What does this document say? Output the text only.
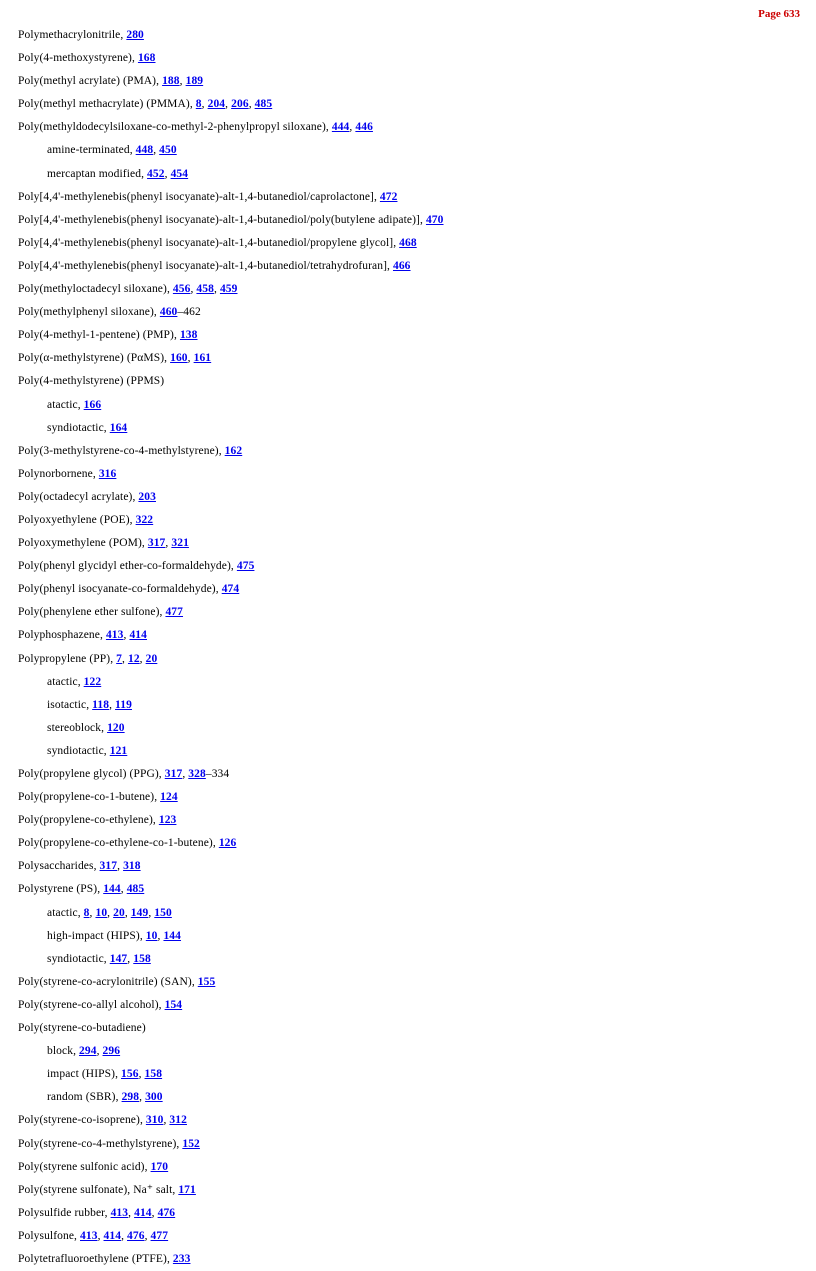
Page 633
Polymethacrylonitrile, 280
Poly(4-methoxystyrene), 168
Poly(methyl acrylate) (PMA), 188, 189
Poly(methyl methacrylate) (PMMA), 8, 204, 206, 485
Poly(methyldodecylsiloxane-co-methyl-2-phenylpropyl siloxane), 444, 446
amine-terminated, 448, 450
mercaptan modified, 452, 454
Poly[4,4'-methylenebis(phenyl isocyanate)-alt-1,4-butanediol/caprolactone], 472
Poly[4,4'-methylenebis(phenyl isocyanate)-alt-1,4-butanediol/poly(butylene adipate)], 470
Poly[4,4'-methylenebis(phenyl isocyanate)-alt-1,4-butanediol/propylene glycol], 468
Poly[4,4'-methylenebis(phenyl isocyanate)-alt-1,4-butanediol/tetrahydrofuran], 466
Poly(methyloctadecyl siloxane), 456, 458, 459
Poly(methylphenyl siloxane), 460–462
Poly(4-methyl-1-pentene) (PMP), 138
Poly(α-methylstyrene) (PαMS), 160, 161
Poly(4-methylstyrene) (PPMS)
atactic, 166
syndiotactic, 164
Poly(3-methylstyrene-co-4-methylstyrene), 162
Polynorbornene, 316
Poly(octadecyl acrylate), 203
Polyoxyethylene (POE), 322
Polyoxymethylene (POM), 317, 321
Poly(phenyl glycidyl ether-co-formaldehyde), 475
Poly(phenyl isocyanate-co-formaldehyde), 474
Poly(phenylene ether sulfone), 477
Polyphosphazene, 413, 414
Polypropylene (PP), 7, 12, 20
atactic, 122
isotactic, 118, 119
stereoblock, 120
syndiotactic, 121
Poly(propylene glycol) (PPG), 317, 328–334
Poly(propylene-co-1-butene), 124
Poly(propylene-co-ethylene), 123
Poly(propylene-co-ethylene-co-1-butene), 126
Polysaccharides, 317, 318
Polystyrene (PS), 144, 485
atactic, 8, 10, 20, 149, 150
high-impact (HIPS), 10, 144
syndiotactic, 147, 158
Poly(styrene-co-acrylonitrile) (SAN), 155
Poly(styrene-co-allyl alcohol), 154
Poly(styrene-co-butadiene)
block, 294, 296
impact (HIPS), 156, 158
random (SBR), 298, 300
Poly(styrene-co-isoprene), 310, 312
Poly(styrene-co-4-methylstyrene), 152
Poly(styrene sulfonic acid), 170
Poly(styrene sulfonate), Na⁺ salt, 171
Polysulfide rubber, 413, 414, 476
Polysulfone, 413, 414, 476, 477
Polytetrafluoroethylene (PTFE), 233
